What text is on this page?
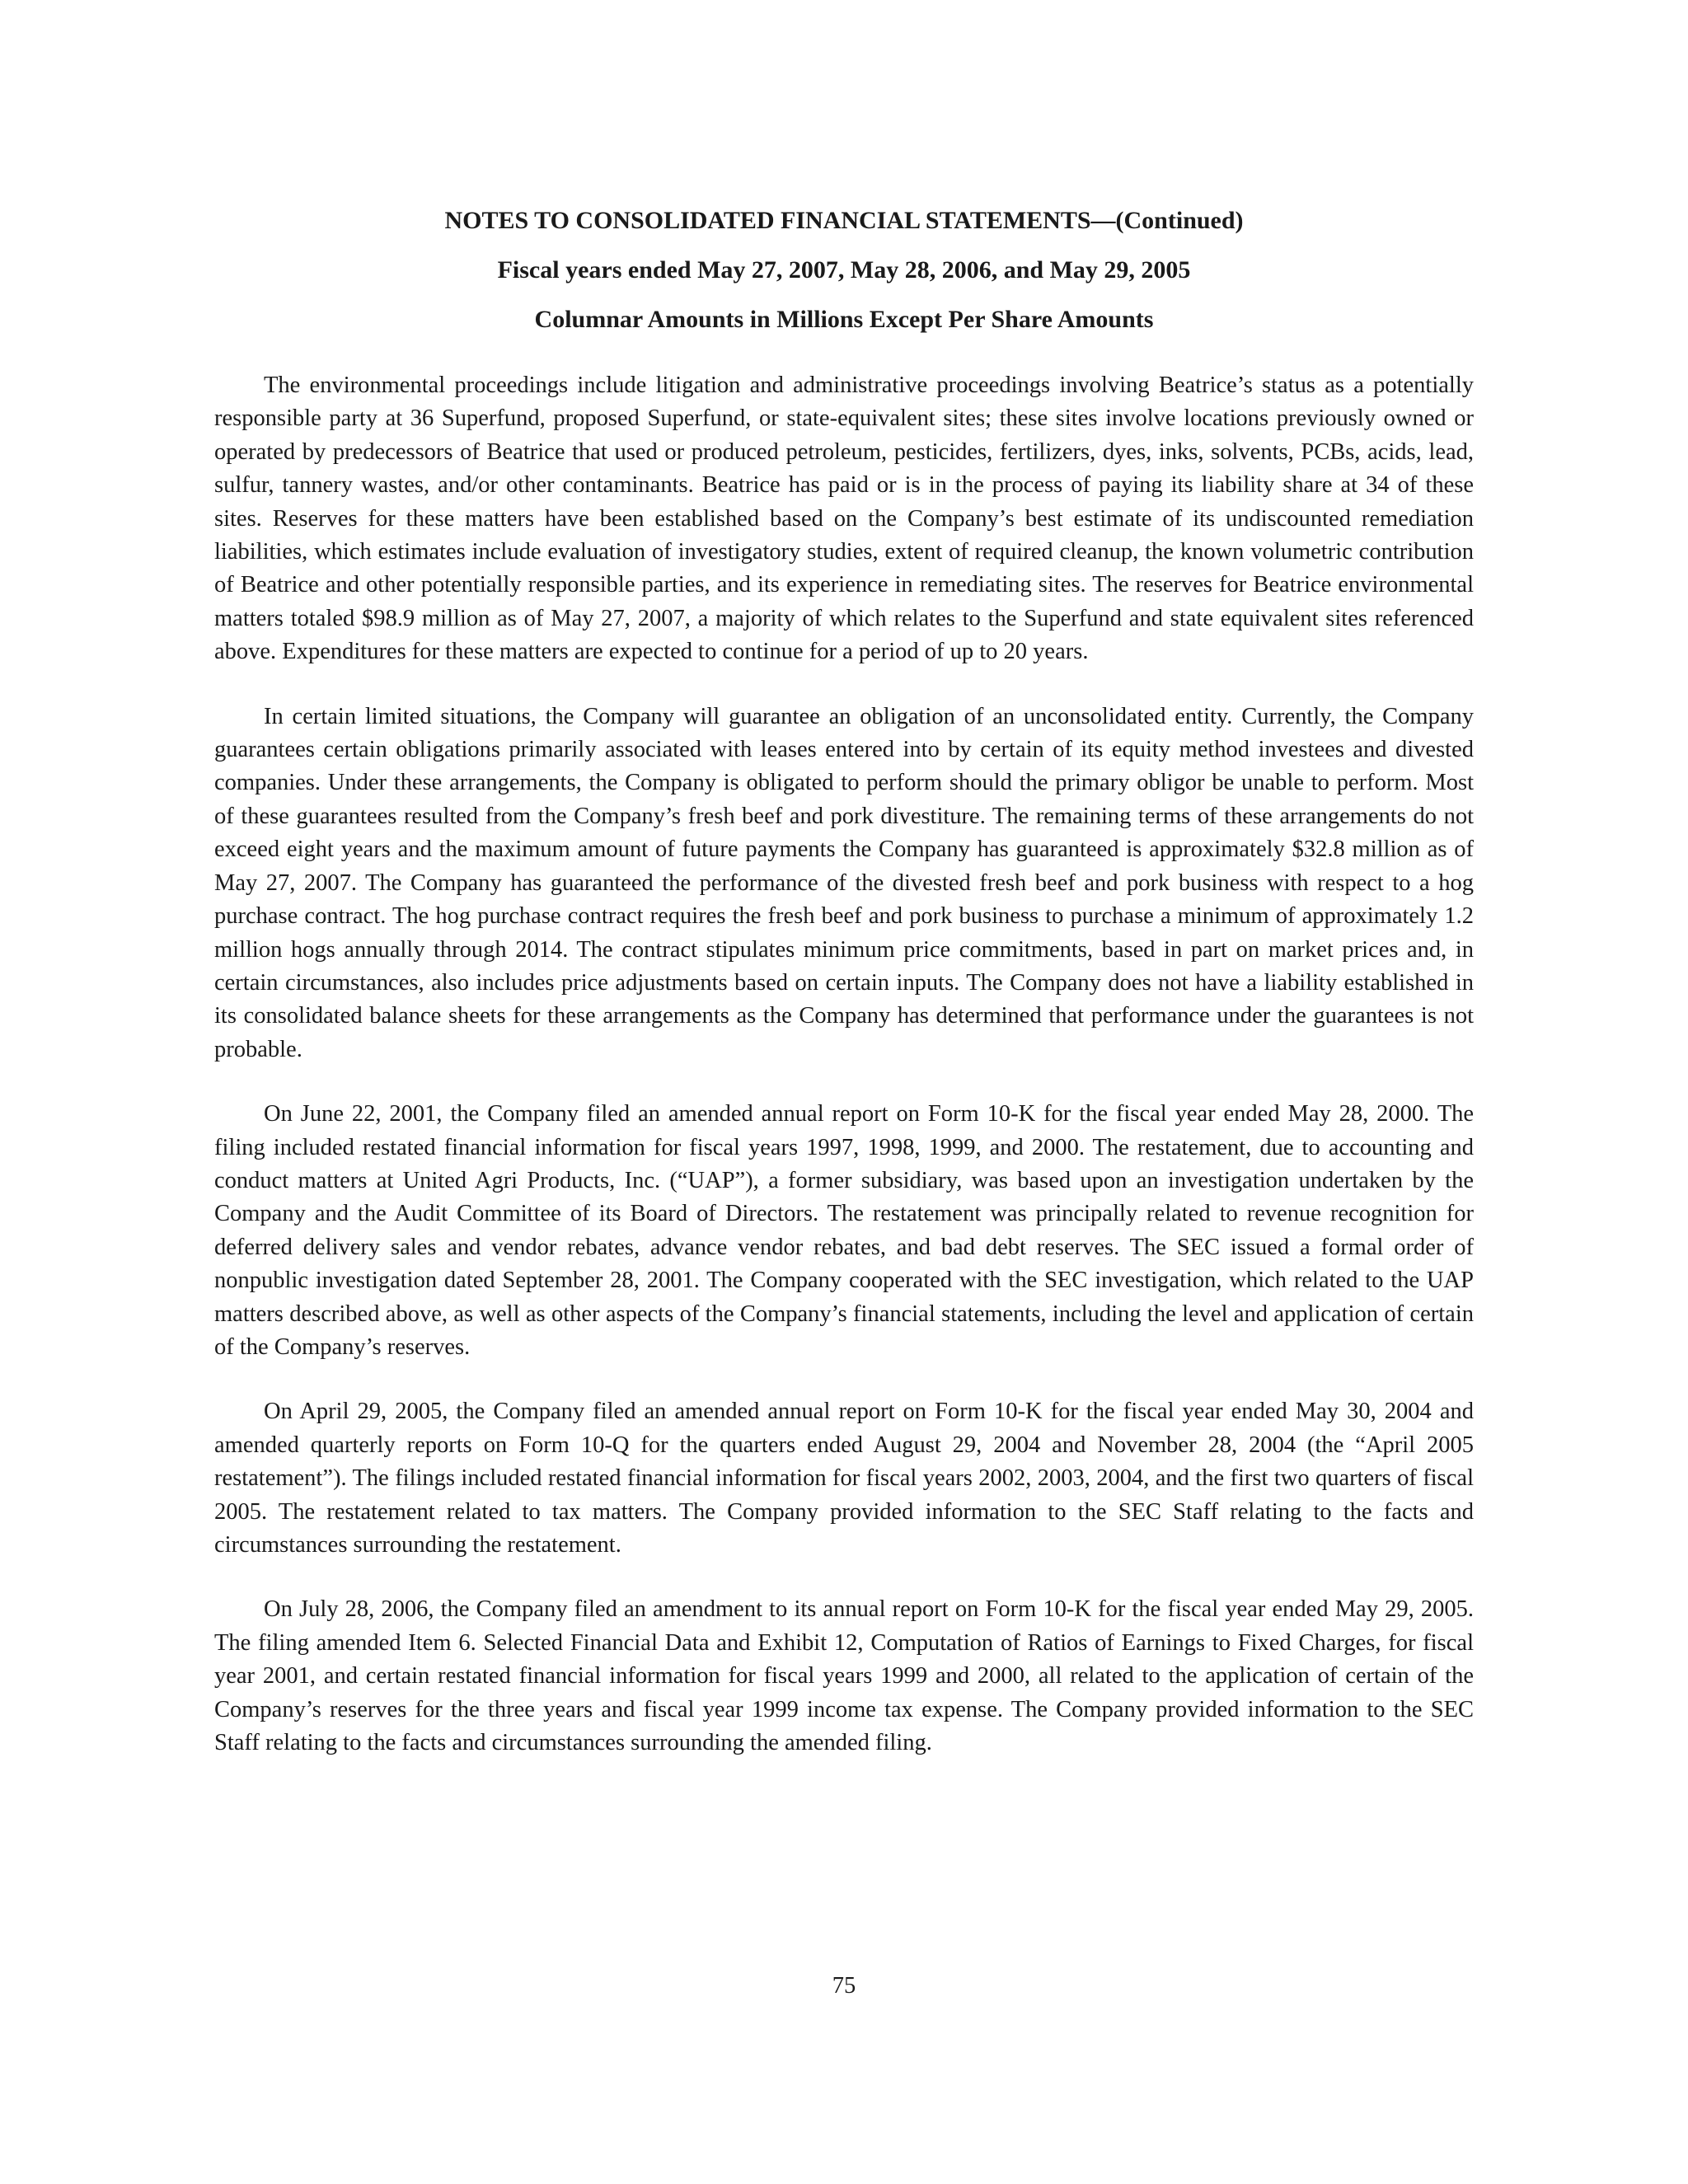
NOTES TO CONSOLIDATED FINANCIAL STATEMENTS—(Continued)
Fiscal years ended May 27, 2007, May 28, 2006, and May 29, 2005
Columnar Amounts in Millions Except Per Share Amounts

The environmental proceedings include litigation and administrative proceedings involving Beatrice’s status as a potentially responsible party at 36 Superfund, proposed Superfund, or state-equivalent sites; these sites involve locations previously owned or operated by predecessors of Beatrice that used or produced petroleum, pesticides, fertilizers, dyes, inks, solvents, PCBs, acids, lead, sulfur, tannery wastes, and/or other contaminants. Beatrice has paid or is in the process of paying its liability share at 34 of these sites. Reserves for these matters have been established based on the Company’s best estimate of its undiscounted remediation liabilities, which estimates include evaluation of investigatory studies, extent of required cleanup, the known volumetric contribution of Beatrice and other potentially responsible parties, and its experience in remediating sites. The reserves for Beatrice environmental matters totaled $98.9 million as of May 27, 2007, a majority of which relates to the Superfund and state equivalent sites referenced above. Expenditures for these matters are expected to continue for a period of up to 20 years.

In certain limited situations, the Company will guarantee an obligation of an unconsolidated entity. Currently, the Company guarantees certain obligations primarily associated with leases entered into by certain of its equity method investees and divested companies. Under these arrangements, the Company is obligated to perform should the primary obligor be unable to perform. Most of these guarantees resulted from the Company’s fresh beef and pork divestiture. The remaining terms of these arrangements do not exceed eight years and the maximum amount of future payments the Company has guaranteed is approximately $32.8 million as of May 27, 2007. The Company has guaranteed the performance of the divested fresh beef and pork business with respect to a hog purchase contract. The hog purchase contract requires the fresh beef and pork business to purchase a minimum of approximately 1.2 million hogs annually through 2014. The contract stipulates minimum price commitments, based in part on market prices and, in certain circumstances, also includes price adjustments based on certain inputs. The Company does not have a liability established in its consolidated balance sheets for these arrangements as the Company has determined that performance under the guarantees is not probable.

On June 22, 2001, the Company filed an amended annual report on Form 10-K for the fiscal year ended May 28, 2000. The filing included restated financial information for fiscal years 1997, 1998, 1999, and 2000. The restatement, due to accounting and conduct matters at United Agri Products, Inc. (“UAP”), a former subsidiary, was based upon an investigation undertaken by the Company and the Audit Committee of its Board of Directors. The restatement was principally related to revenue recognition for deferred delivery sales and vendor rebates, advance vendor rebates, and bad debt reserves. The SEC issued a formal order of nonpublic investigation dated September 28, 2001. The Company cooperated with the SEC investigation, which related to the UAP matters described above, as well as other aspects of the Company’s financial statements, including the level and application of certain of the Company’s reserves.

On April 29, 2005, the Company filed an amended annual report on Form 10-K for the fiscal year ended May 30, 2004 and amended quarterly reports on Form 10-Q for the quarters ended August 29, 2004 and November 28, 2004 (the “April 2005 restatement”). The filings included restated financial information for fiscal years 2002, 2003, 2004, and the first two quarters of fiscal 2005. The restatement related to tax matters. The Company provided information to the SEC Staff relating to the facts and circumstances surrounding the restatement.

On July 28, 2006, the Company filed an amendment to its annual report on Form 10-K for the fiscal year ended May 29, 2005. The filing amended Item 6. Selected Financial Data and Exhibit 12, Computation of Ratios of Earnings to Fixed Charges, for fiscal year 2001, and certain restated financial information for fiscal years 1999 and 2000, all related to the application of certain of the Company’s reserves for the three years and fiscal year 1999 income tax expense. The Company provided information to the SEC Staff relating to the facts and circumstances surrounding the amended filing.

75
